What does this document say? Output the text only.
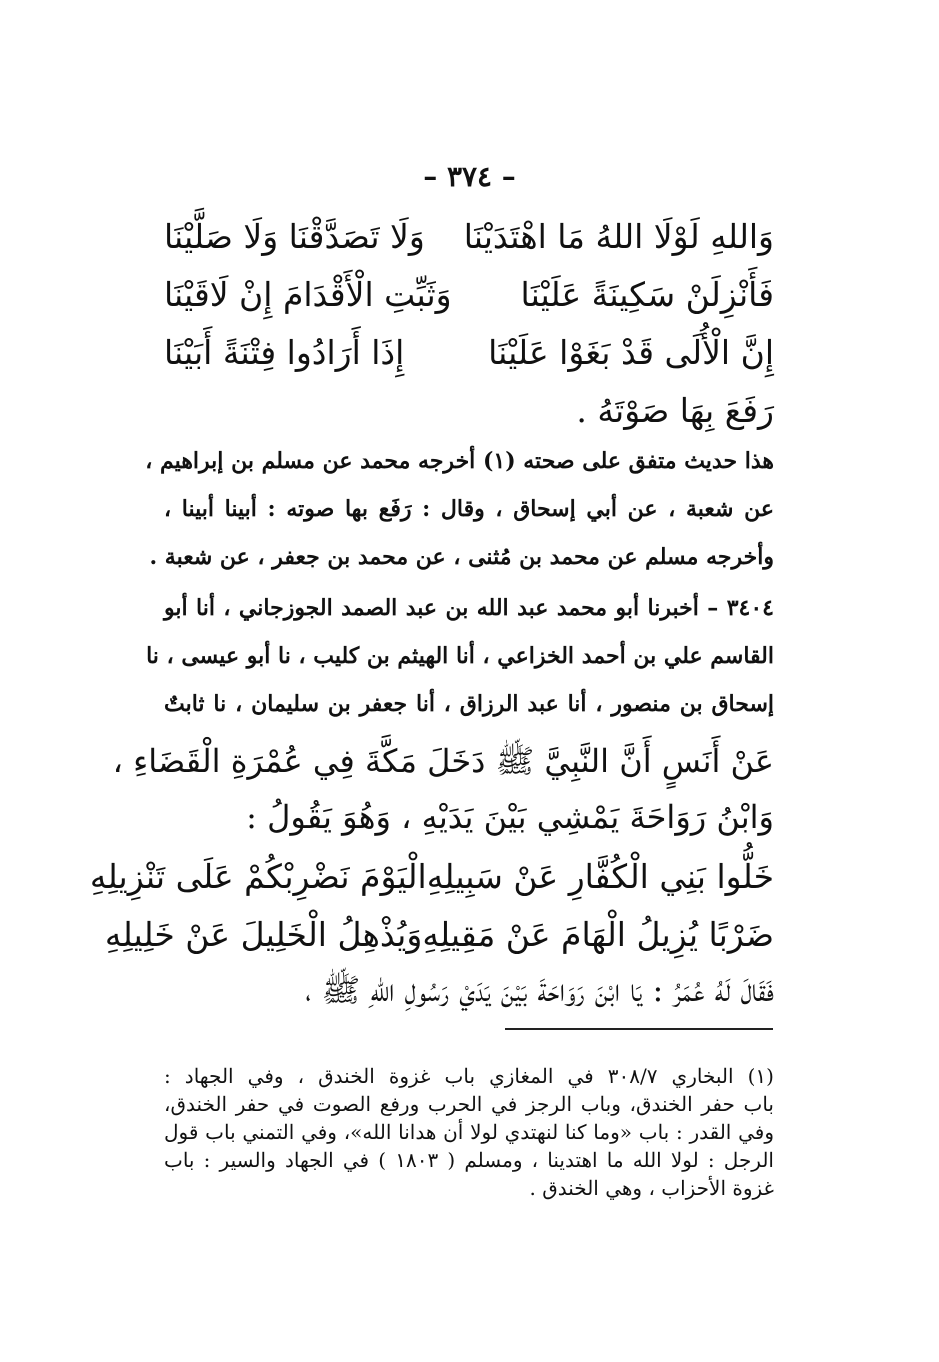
– ٣٧٤ –
وَاللهِ لَوْلَا اللهُ مَا اهْتَدَيْنَا
وَلَا تَصَدَّقْنَا وَلَا صَلَّيْنَا
فَأَنْزِلَنْ سَكِينَةً عَلَيْنَا
وَثَبِّتِ الْأَقْدَامَ إِنْ لَاقَيْنَا
إِنَّ الْأُلَى قَدْ بَغَوْا عَلَيْنَا
إِذَا أَرَادُوا فِتْنَةً أَبَيْنَا
رَفَعَ بِهَا صَوْتَهُ .
هذا حديث متفق على صحته (١) أخرجه محمد عن مسلم بن إبراهيم ،
عن شعبة ، عن أبي إسحاق ، وقال : رَفَع بها صوته : أبينا أبينا ،
وأخرجه مسلم عن محمد بن مُثنى ، عن محمد بن جعفر ، عن شعبة .
٣٤٠٤ – أخبرنا أبو محمد عبد الله بن عبد الصمد الجوزجاني ، أنا أبو
القاسم علي بن أحمد الخزاعي ، أنا الهيثم بن كليب ، نا أبو عيسى ، نا
إسحاق بن منصور ، أنا عبد الرزاق ، أنا جعفر بن سليمان ، نا ثابتٌ
عَنْ أَنَسٍ أَنَّ النَّبِيَّ ﷺ دَخَلَ مَكَّةَ فِي عُمْرَةِ الْقَضَاءِ ،
وَابْنُ رَوَاحَةَ يَمْشِي بَيْنَ يَدَيْهِ ، وَهُوَ يَقُولُ :
خَلُّوا بَنِي الْكُفَّارِ عَنْ سَبِيلِهِ
الْيَوْمَ نَضْرِبْكُمْ عَلَى تَنْزِيلِهِ
ضَرْبًا يُزِيلُ الْهَامَ عَنْ مَقِيلِهِ
وَيُذْهِلُ الْخَلِيلَ عَنْ خَلِيلِهِ
فَقَالَ لَهُ عُمَرُ : يَا ابْنَ رَوَاحَةَ بَيْنَ يَدَيْ رَسُولِ اللهِ ﷺ ،
(١) البخاري ٣٠٨/٧ في المغازي باب غزوة الخندق ، وفي الجهاد :
باب حفر الخندق، وباب الرجز في الحرب ورفع الصوت في حفر الخندق،
وفي القدر : باب «وما كنا لنهتدي لولا أن هدانا الله»، وفي التمني باب قول
الرجل : لولا الله ما اهتدينا ، ومسلم ( ١٨٠٣ ) في الجهاد والسير : باب
غزوة الأحزاب ، وهي الخندق .
